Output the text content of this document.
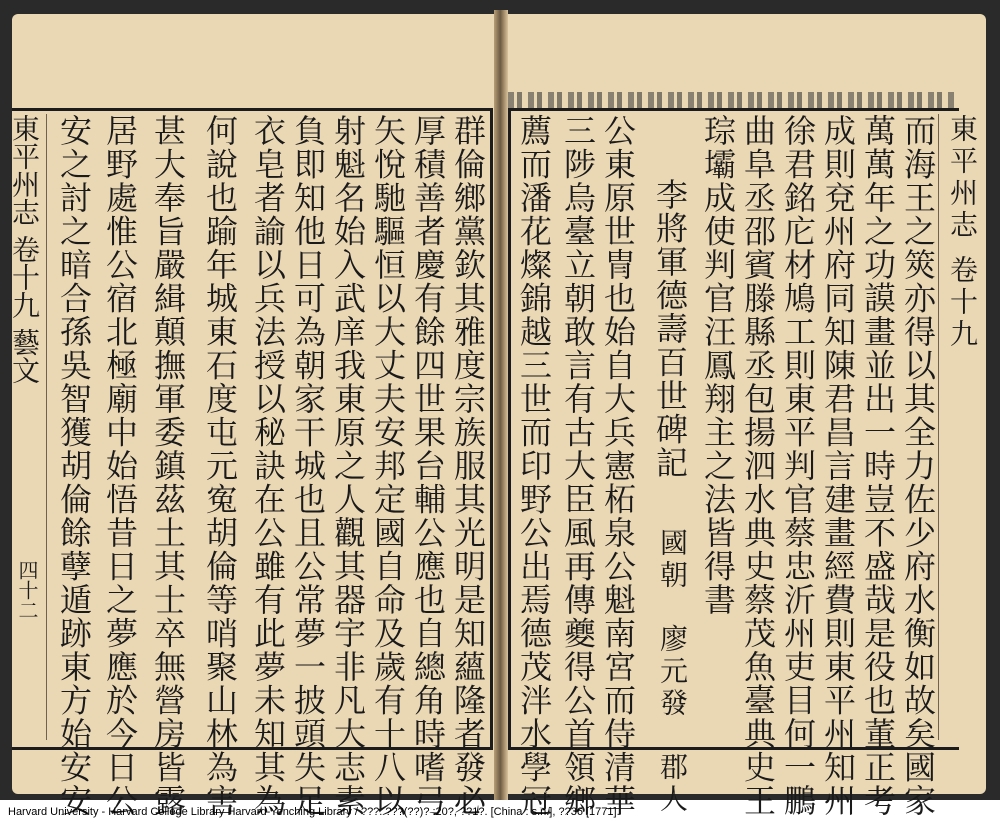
東平州志 卷十九 藝文
四十二
東平州志 卷十九
而海王之筴亦得以其全力佐少府水衡如故矣國家
萬萬年之功謨畫並出一時豈不盛哉是役也董正考
成則兗州府同知陳君昌言建畫經費則東平州知州
徐君銘庀材鳩工則東平判官蔡忠沂州吏目何一鵬
曲阜丞邵賓滕縣丞包揚泗水典史蔡茂魚臺典史王
琮壩成使判官汪鳳翔主之法皆得書
李將軍德壽百世碑記
國朝　廖元發　郡人
公東原世冑也始自大兵憲柘泉公魁南宮而侍清華
三陟烏臺立朝敢言有古大臣風再傳夔得公首領鄉
薦而潘花燦錦越三世而印野公出焉德茂泮水學冠
群倫鄉黨欽其雅度宗族服其光明是知蘊隆者發必
厚積善者慶有餘四世果台輔公應也自總角時嗜弓
矢悅馳驅恒以大丈夫安邦定國自命及歲有十八以
射魁名始入武庠我東原之人觀其器宇非凡大志素
負即知他日可為朝家干城也且公常夢一披頭失足
衣皂者諭以兵法授以秘訣在公雖有此夢未知其為
何說也踰年城東石度屯元寃胡倫等哨聚山林為害
甚大奉旨嚴緝顛撫軍委鎮茲土其士卒無營房皆露
居野處惟公宿北極廟中始悟昔日之夢應於今日公
安之討之暗合孫吳智獲胡倫餘孽遁跡東方始安安
Harvard University - Harvard College Library Harvard-Yenching Library / ???. ???(??)? :20?, ??1?. [China : s.n.], ??36 [1771].
